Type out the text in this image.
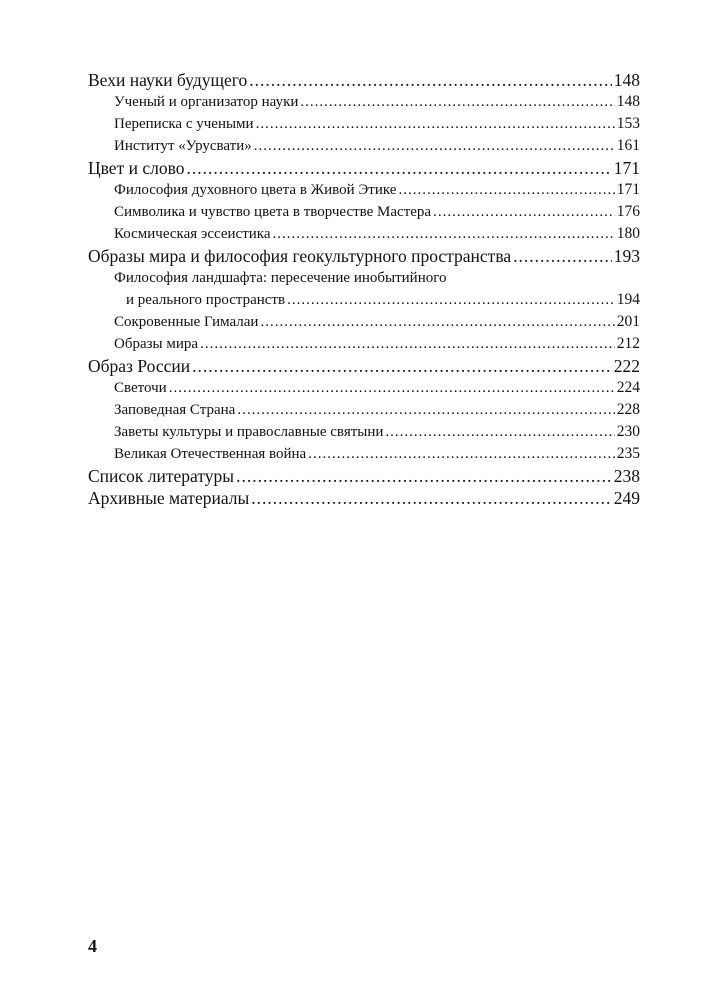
Вехи науки будущего .....	148
Ученый и организатор науки .....	148
Переписка с учеными .....	153
Институт «Урусвати» .....	161
Цвет и слово .....	171
Философия духовного цвета в Живой Этике .....	171
Символика и чувство цвета в творчестве Мастера .....	176
Космическая эссеистика .....	180
Образы мира и философия геокультурного пространства .....	193
Философия ландшафта: пересечение инобытийного
и реального пространств .....	194
Сокровенные Гималаи .....	201
Образы мира .....	212
Образ России .....	222
Светочи .....	224
Заповедная Страна .....	228
Заветы культуры и православные святыни .....	230
Великая Отечественная война .....	235
Список литературы .....	238
Архивные материалы .....	249
4
